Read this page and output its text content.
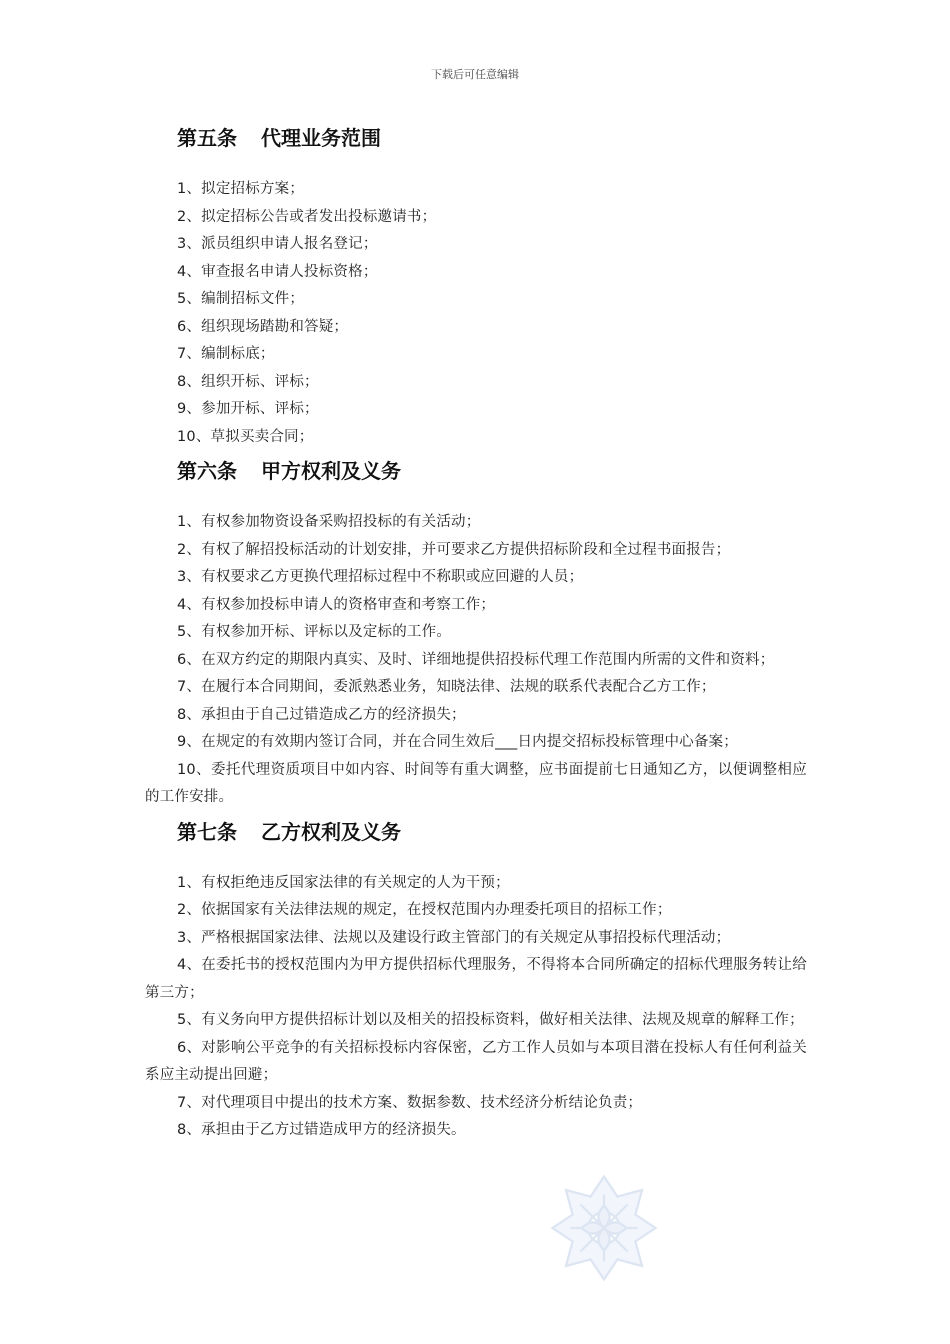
下载后可任意编辑
第五条 代理业务范围

1、拟定招标方案；

2、拟定招标公告或者发出投标邀请书；

3、派员组织申请人报名登记；

4、审查报名申请人投标资格；

5、编制招标文件；

6、组织现场踏勘和答疑；

7、编制标底；

8、组织开标、评标；

9、参加开标、评标；

10、草拟买卖合同；

第六条 甲方权利及义务

1、有权参加物资设备采购招投标的有关活动；

2、有权了解招投标活动的计划安排，并可要求乙方提供招标阶段和全过程书面报告；

3、有权要求乙方更换代理招标过程中不称职或应回避的人员；

4、有权参加投标申请人的资格审查和考察工作；

5、有权参加开标、评标以及定标的工作。

6、在双方约定的期限内真实、及时、详细地提供招投标代理工作范围内所需的文件和资料；

7、在履行本合同期间，委派熟悉业务，知晓法律、法规的联系代表配合乙方工作；

8、承担由于自己过错造成乙方的经济损失；

9、在规定的有效期内签订合同，并在合同生效后___日内提交招标投标管理中心备案；

10、委托代理资质项目中如内容、时间等有重大调整，应书面提前七日通知乙方，以便调整相应的工作安排。

第七条 乙方权利及义务

1、有权拒绝违反国家法律的有关规定的人为干预；

2、依据国家有关法律法规的规定，在授权范围内办理委托项目的招标工作；

3、严格根据国家法律、法规以及建设行政主管部门的有关规定从事招投标代理活动；

4、在委托书的授权范围内为甲方提供招标代理服务，不得将本合同所确定的招标代理服务转让给第三方；

5、有义务向甲方提供招标计划以及相关的招投标资料，做好相关法律、法规及规章的解释工作；

6、对影响公平竞争的有关招标投标内容保密，乙方工作人员如与本项目潜在投标人有任何利益关系应主动提出回避；

7、对代理项目中提出的技术方案、数据参数、技术经济分析结论负责；

8、承担由于乙方过错造成甲方的经济损失。
